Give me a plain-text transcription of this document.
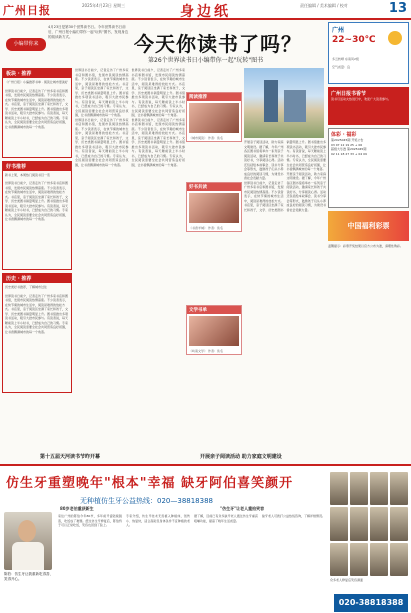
广州日报	2025年4月23日 星期三	身边纸	责任编辑 / 美术编辑 / 校对	13
小编带你来
4月23日是第30个世界读书日。今年世界读书日前后，广州日报小编们带你一起"玩转"图书，发现身边的阅读新方式。	今天你读书了吗？
第26个世界读书日小编带你一起"玩转"图书
板块 · 推荐

《广州日报》小编推荐书单 · 阅读让城市更美好

世界读书日前夕，记者走访了广州多家书店和图书馆，发现市民阅读热情高涨。不少读者表示，在快节奏的城市生活中，阅读是难得的放松方式。书店里，亲子阅读区坐满了家长和孩子，文学、历史类图书销量明显上升。图书馆推出多项读书活动，吸引大批市民参与。有读者说，每天睡前读上半小时书，已经成为自己的习惯。专家认为，全民阅读需要全社会共同营造良好氛围，让书香飘满城市的每一个角落。

好书推荐

新书上架，本周热门阅读书目一览

世界读书日前夕，记者走访了广州多家书店和图书馆，发现市民阅读热情高涨。不少读者表示，在快节奏的城市生活中，阅读是难得的放松方式。书店里，亲子阅读区坐满了家长和孩子，文学、历史类图书销量明显上升。图书馆推出多项读书活动，吸引大批市民参与。有读者说，每天睡前读上半小时书，已经成为自己的习惯。专家认为，全民阅读需要全社会共同营造良好氛围，让书香飘满城市的每一个角落。

历史 · 推荐

历史类好书推荐，了解城市过往

世界读书日前夕，记者走访了广州多家书店和图书馆，发现市民阅读热情高涨。不少读者表示，在快节奏的城市生活中，阅读是难得的放松方式。书店里，亲子阅读区坐满了家长和孩子，文学、历史类图书销量明显上升。图书馆推出多项读书活动，吸引大批市民参与。有读者说，每天睡前读上半小时书，已经成为自己的习惯。专家认为，全民阅读需要全社会共同营造良好氛围，让书香飘满城市的每一个角落。

世界读书日前夕，记者走访了广州多家书店和图书馆，发现市民阅读热情高涨。不少读者表示，在快节奏的城市生活中，阅读是难得的放松方式。书店里，亲子阅读区坐满了家长和孩子，文学、历史类图书销量明显上升。图书馆推出多项读书活动，吸引大批市民参与。有读者说，每天睡前读上半小时书，已经成为自己的习惯。专家认为，全民阅读需要全社会共同营造良好氛围，让书香飘满城市的每一个角落。

世界读书日前夕，记者走访了广州多家书店和图书馆，发现市民阅读热情高涨。不少读者表示，在快节奏的城市生活中，阅读是难得的放松方式。书店里，亲子阅读区坐满了家长和孩子，文学、历史类图书销量明显上升。图书馆推出多项读书活动，吸引大批市民参与。有读者说，每天睡前读上半小时书，已经成为自己的习惯。专家认为，全民阅读需要全社会共同营造良好氛围，让书香飘满城市的每一个角落。

世界读书日前夕，记者走访了广州多家书店和图书馆，发现市民阅读热情高涨。不少读者表示，在快节奏的城市生活中，阅读是难得的放松方式。书店里，亲子阅读区坐满了家长和孩子，文学、历史类图书销量明显上升。图书馆推出多项读书活动，吸引大批市民参与。有读者说，每天睡前读上半小时书，已经成为自己的习惯。专家认为，全民阅读需要全社会共同营造良好氛围，让书香飘满城市的每一个角落。

世界读书日前夕，记者走访了广州多家书店和图书馆，发现市民阅读热情高涨。不少读者表示，在快节奏的城市生活中，阅读是难得的放松方式。书店里，亲子阅读区坐满了家长和孩子，文学、历史类图书销量明显上升。图书馆推出多项读书活动，吸引大批市民参与。有读者说，每天睡前读上半小时书，已经成为自己的习惯。专家认为，全民阅读需要全社会共同营造良好氛围，让书香飘满城市的每一个角落。

阅读推荐

《城市阅读》 作者：佚名

好书共读

《书香羊城》 作者：佚名

文学书单

《岭南文学》 作者：佚名

开展亲子阅读活动，助力家庭文明建设。据了解，今年广州各区图书馆将举办一系列亲子阅读活动，邀请家长和孩子共读好书，分享阅读心得。活动还包括绘本故事会、读书分享会等形式，鼓励孩子们从小养成良好的阅读习惯，为建设书香社会贡献力量。

世界读书日前夕，记者走访了广州多家书店和图书馆，发现市民阅读热情高涨。不少读者表示，在快节奏的城市生活中，阅读是难得的放松方式。书店里，亲子阅读区坐满了家长和孩子，文学、历史类图书销量明显上升。图书馆推出多项读书活动，吸引大批市民参与。有读者说，每天睡前读上半小时书，已经成为自己的习惯。专家认为，全民阅读需要全社会共同营造良好氛围，让书香飘满城市的每一个角落。

开展亲子阅读活动，助力家庭文明建设。据了解，今年广州各区图书馆将举办一系列亲子阅读活动，邀请家长和孩子共读好书，分享阅读心得。活动还包括绘本故事会、读书分享会等形式，鼓励孩子们从小养成良好的阅读习惯，为建设书香社会贡献力量。

广州
22~30℃
多云转晴 东南风2级
空气质量：良
广州日报书香节
读书月活动火热进行中，欢迎广大读者参与。
体彩 · 福彩
第2025045期 开奖公告
03 07 12 19 25 + 06
超级大乐透 第2025045期
02 11 18 27 33 + 04 09
中国福利彩票
温馨提示：彩票开奖结果以官方公布为准，请理性购彩。
第十五届天河读书节昨开幕	开展亲子阅读活动 助力家庭文明建设
仿生牙重塑晚年"根本"幸福 缺牙阿伯喜笑颜开
无种植仿生牙公益热线：020—38818388
80岁老伯重获新生	"仿生牙"让老人重拾笑容
家住广州的陈伯今年80岁，多年前牙齿陆续脱落，吃饭成了难题。经过仿生牙修复后，陈伯终于可以正常吃饭，笑容也回到了脸上。
专家介绍，仿生牙技术无需植入种植体，创伤小、恢复快，适合高龄及身体条件不宜种植的老人。
据了解，目前已有众多缺牙老人通过仿生牙重获咀嚼功能，提高了晚年生活质量。
缺牙老人可拨打公益热线咨询，了解详细情况。
陈伯：仿生牙让我重新吃得香、笑得开心。	众多老人修复后笑容满面
020-38818388
